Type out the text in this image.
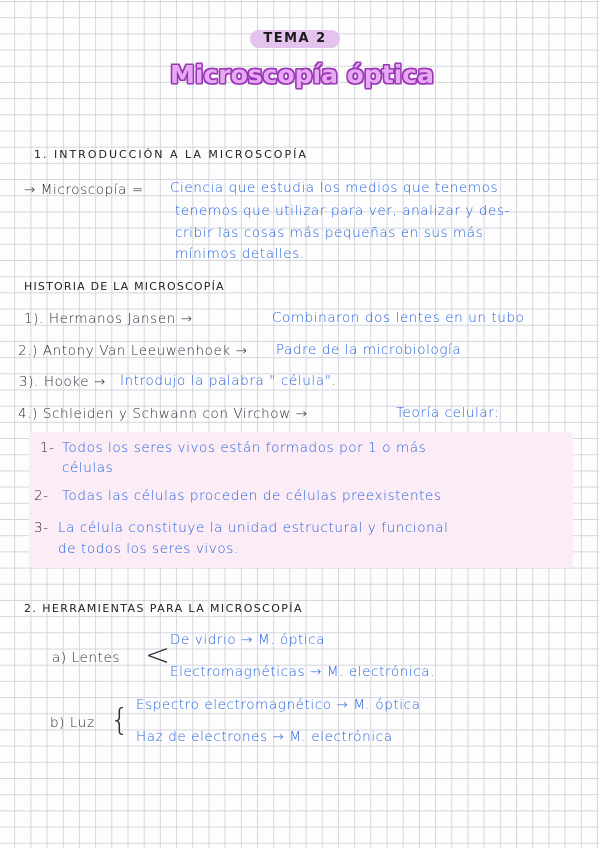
TEMA 2
Microscopía óptica
1. INTRODUCCIÓN A LA MICROSCOPÍA
→ Microscopía = Ciencia que estudia los medios que tenemos
tenemos que utilizar para ver, analizar y des-
cribir las cosas más pequeñas en sus más
mínimos detalles.
HISTORIA DE LA MICROSCOPÍA
1). Hermanos Jansen →	Combinaron dos lentes en un tubo
2.) Antony Van Leeuwenhoek → Padre de la microbiología
3). Hooke → Introdujo la palabra " célula".
4.) Schleiden y Schwann con Virchow →	Teoría celular:
1- Todos los seres vivos están formados por 1 o más
células
2- Todas las células proceden de células preexistentes
3- La célula constituye la unidad estructural y funcional
de todos los seres vivos.
2. HERRAMIENTAS PARA LA MICROSCOPÍA
a) Lentes < De vidrio → M. óptica
Electromagnéticas → M. electrónica.
b) Luz { Espectro electromagnético → M. óptica
Haz de electrones → M. electrónica
